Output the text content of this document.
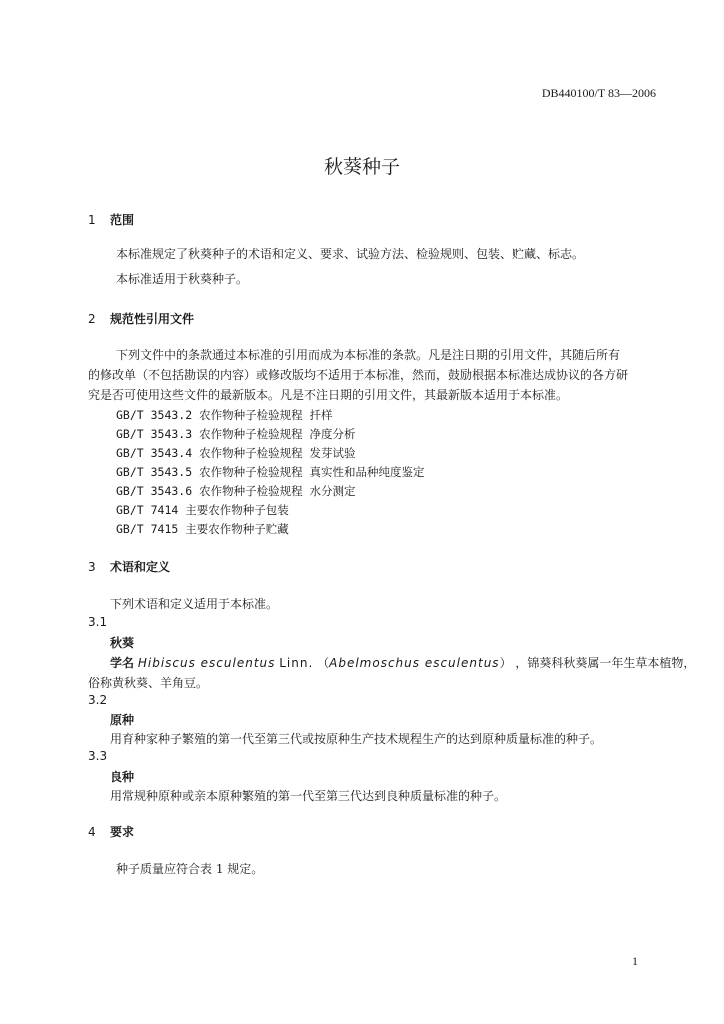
DB440100/T 83—2006
秋葵种子
1 范围
本标准规定了秋葵种子的术语和定义、要求、试验方法、检验规则、包装、贮藏、标志。
本标准适用于秋葵种子。
2 规范性引用文件
下列文件中的条款通过本标准的引用而成为本标准的条款。凡是注日期的引用文件，其随后所有
的修改单（不包括勘误的内容）或修改版均不适用于本标准，然而，鼓励根据本标准达成协议的各方研
究是否可使用这些文件的最新版本。凡是不注日期的引用文件，其最新版本适用于本标准。
GB/T 3543.2 农作物种子检验规程 扦样
GB/T 3543.3 农作物种子检验规程 净度分析
GB/T 3543.4 农作物种子检验规程 发芽试验
GB/T 3543.5 农作物种子检验规程 真实性和品种纯度鉴定
GB/T 3543.6 农作物种子检验规程 水分测定
GB/T 7414 主要农作物种子包装
GB/T 7415 主要农作物种子贮藏
3 术语和定义
下列术语和定义适用于本标准。
3.1
秋葵
学名 Hibiscus esculentus Linn. （Abelmoschus esculentus） ，锦葵科秋葵属一年生草本植物，
俗称黄秋葵、羊角豆。
3.2
原种
用育种家种子繁殖的第一代至第三代或按原种生产技术规程生产的达到原种质量标准的种子。
3.3
良种
用常规种原种或亲本原种繁殖的第一代至第三代达到良种质量标准的种子。
4 要求
种子质量应符合表 1 规定。
1
